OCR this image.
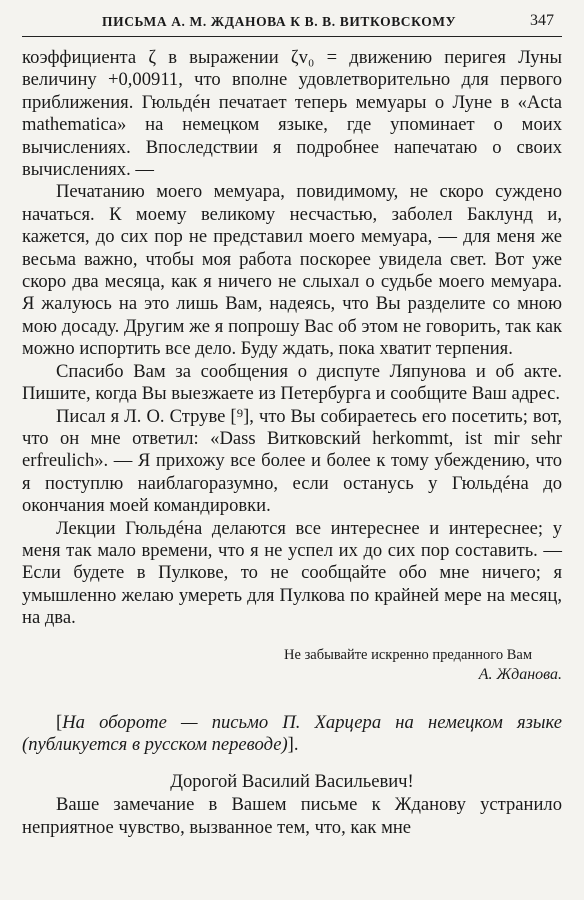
ПИСЬМА А. М. ЖДАНОВА К В. В. ВИТКОВСКОМУ	347

коэффициента ζ в выражении ζv₀ = движению перигея Луны величину +0,00911, что вполне удовлетворительно для первого приближения. Гюльдéн печатает теперь мемуары о Луне в «Acta mathematica» на немецком языке, где упоминает о моих вычислениях. Впоследствии я подробнее напечатаю о своих вычислениях. —

Печатанию моего мемуара, повидимому, не скоро суждено начаться. К моему великому несчастью, заболел Баклунд и, кажется, до сих пор не представил моего мемуара, — для меня же весьма важно, чтобы моя работа поскорее увидела свет. Вот уже скоро два месяца, как я ничего не слыхал о судьбе моего мемуара. Я жалуюсь на это лишь Вам, надеясь, что Вы разделите со мною мою досаду. Другим же я попрошу Вас об этом не говорить, так как можно испортить все дело. Буду ждать, пока хватит терпения.

Спасибо Вам за сообщения о диспуте Ляпунова и об акте. Пишите, когда Вы выезжаете из Петербурга и сообщите Ваш адрес.

Писал я Л. О. Струве [⁹], что Вы собираетесь его посетить; вот, что он мне ответил: «Dass Витковский herkommt, ist mir sehr erfreulich». — Я прихожу все более и более к тому убеждению, что я поступлю наиблагоразумно, если останусь у Гюльдéна до окончания моей командировки.

Лекции Гюльдéна делаются все интереснее и интереснее; у меня так мало времени, что я не успел их до сих пор составить. — Если будете в Пулкове, то не сообщайте обо мне ничего; я умышленно желаю умереть для Пулкова по крайней мере на месяц, на два.

Не забывайте искренно преданного Вам
А. Жданова.
[На обороте — письмо П. Харцера на немецком языке (публикуется в русском переводе)].
Дорогой Василий Васильевич!

Ваше замечание в Вашем письме к Жданову устранило неприятное чувство, вызванное тем, что, как мне
